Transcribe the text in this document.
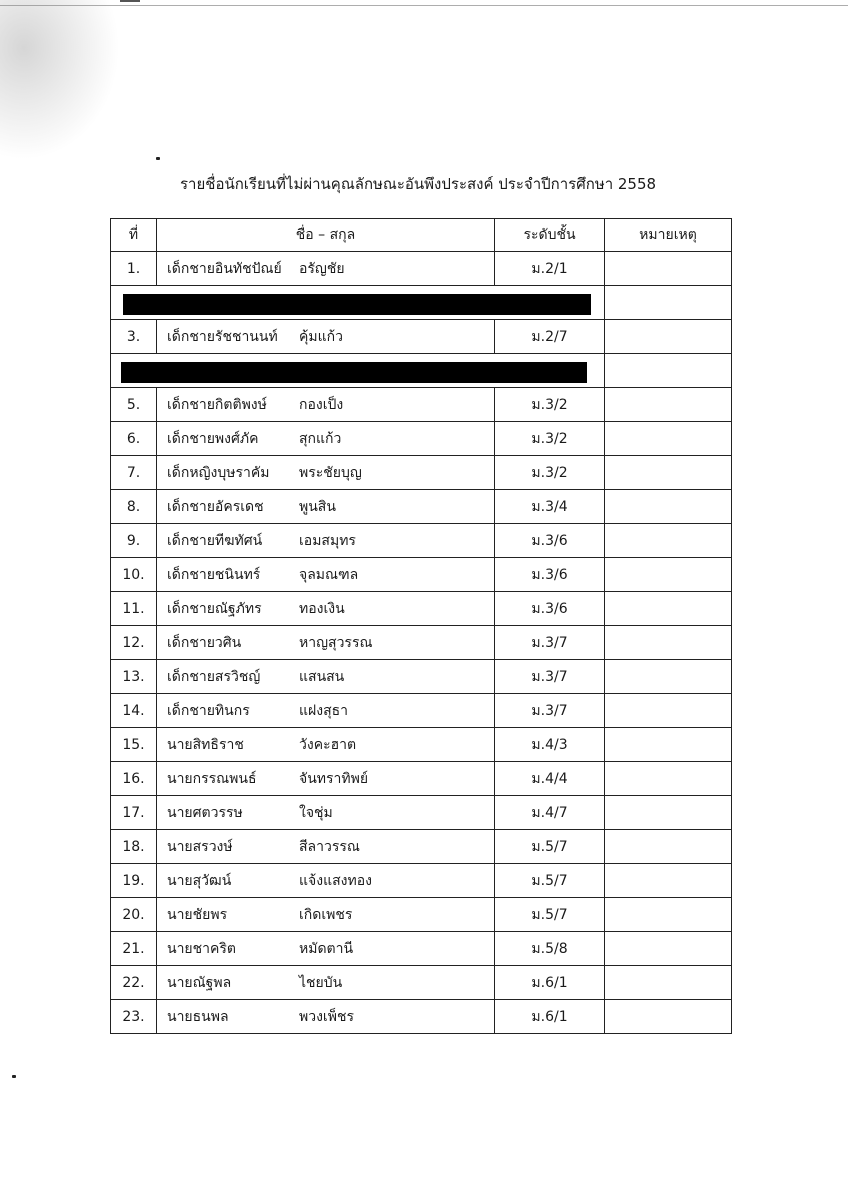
รายชื่อนักเรียนที่ไม่ผ่านคุณลักษณะอันพึงประสงค์ ประจำปีการศึกษา 2558
ที่	ชื่อ – สกุล	ระดับชั้น	หมายเหตุ
1.	เด็กชายอินทัชปัณย์ อรัญชัย	ม.2/1	

3.	เด็กชายรัชชานนท์ คุ้มแก้ว	ม.2/7	

5.	เด็กชายกิตติพงษ์ กองเป็ง	ม.3/2	
6.	เด็กชายพงศ์ภัค สุกแก้ว	ม.3/2	
7.	เด็กหญิงบุษราคัม พระชัยบุญ	ม.3/2	
8.	เด็กชายอัครเดช พูนสิน	ม.3/4	
9.	เด็กชายทีฆทัศน์ เอมสมุทร	ม.3/6	
10.	เด็กชายชนินทร์ จุลมณฑล	ม.3/6	
11.	เด็กชายณัฐภัทร ทองเงิน	ม.3/6	
12.	เด็กชายวศิน หาญสุวรรณ	ม.3/7	
13.	เด็กชายสรวิชญ์ แสนสน	ม.3/7	
14.	เด็กชายทินกร แฝงสุธา	ม.3/7	
15.	นายสิทธิราช วังคะฮาต	ม.4/3	
16.	นายกรรณพนธ์ จันทราทิพย์	ม.4/4	
17.	นายศตวรรษ ใจชุ่ม	ม.4/7	
18.	นายสรวงษ์ สีลาวรรณ	ม.5/7	
19.	นายสุวัฒน์ แจ้งแสงทอง	ม.5/7	
20.	นายชัยพร เกิดเพชร	ม.5/7	
21.	นายชาคริต หมัดตานี	ม.5/8	
22.	นายณัฐพล ไชยบัน	ม.6/1	
23.	นายธนพล พวงเพ็ชร	ม.6/1	
